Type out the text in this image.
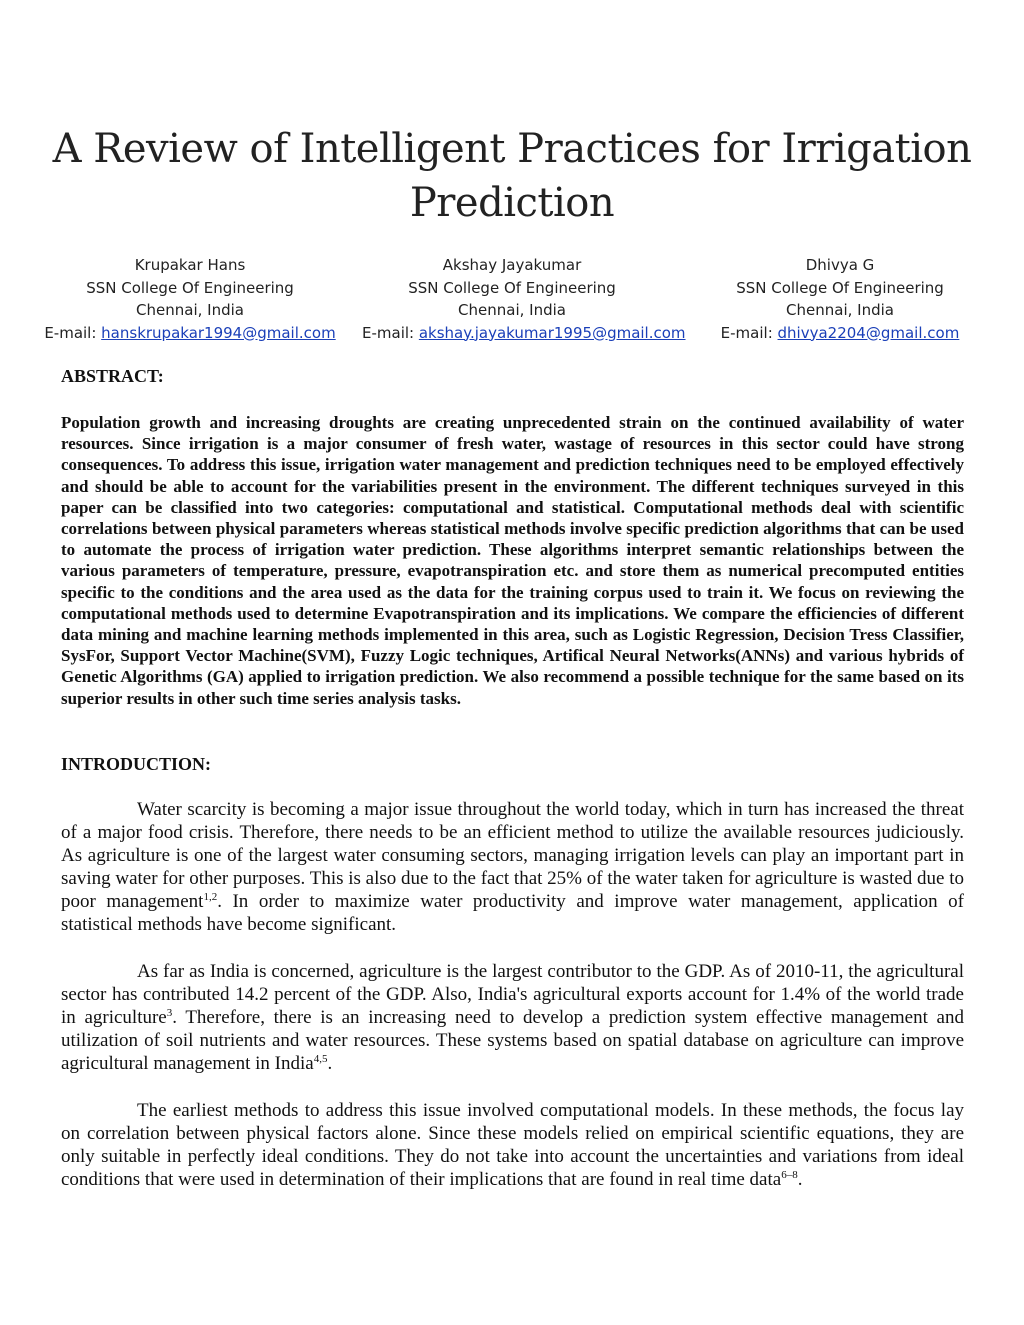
A Review of Intelligent Practices for Irrigation Prediction
Krupakar Hans
SSN College Of Engineering
Chennai, India
E-mail: hanskrupakar1994@gmail.com
Akshay Jayakumar
SSN College Of Engineering
Chennai, India
E-mail: akshay.jayakumar1995@gmail.com
Dhivya G
SSN College Of Engineering
Chennai, India
E-mail: dhivya2204@gmail.com
ABSTRACT:

Population growth and increasing droughts are creating unprecedented strain on the continued availability of water resources. Since irrigation is a major consumer of fresh water, wastage of resources in this sector could have strong consequences. To address this issue, irrigation water management and prediction techniques need to be employed effectively and should be able to account for the variabilities present in the environment. The different techniques surveyed in this paper can be classified into two categories: computational and statistical. Computational methods deal with scientific correlations between physical parameters whereas statistical methods involve specific prediction algorithms that can be used to automate the process of irrigation water prediction. These algorithms interpret semantic relationships between the various parameters of temperature, pressure, evapotranspiration etc. and store them as numerical precomputed entities specific to the conditions and the area used as the data for the training corpus used to train it. We focus on reviewing the computational methods used to determine Evapotranspiration and its implications. We compare the efficiencies of different data mining and machine learning methods implemented in this area, such as Logistic Regression, Decision Tress Classifier, SysFor, Support Vector Machine(SVM), Fuzzy Logic techniques, Artifical Neural Networks(ANNs) and various hybrids of Genetic Algorithms (GA) applied to irrigation prediction. We also recommend a possible technique for the same based on its superior results in other such time series analysis tasks.

INTRODUCTION:

Water scarcity is becoming a major issue throughout the world today, which in turn has increased the threat of a major food crisis. Therefore, there needs to be an efficient method to utilize the available resources judiciously. As agriculture is one of the largest water consuming sectors, managing irrigation levels can play an important part in saving water for other purposes. This is also due to the fact that 25% of the water taken for agriculture is wasted due to poor management$^{1,2}$. In order to maximize water productivity and improve water management, application of statistical methods have become significant.

As far as India is concerned, agriculture is the largest contributor to the GDP. As of 2010-11, the agricultural sector has contributed 14.2 percent of the GDP. Also, India's agricultural exports account for 1.4% of the world trade in agriculture$^3$. Therefore, there is an increasing need to develop a prediction system effective management and utilization of soil nutrients and water resources. These systems based on spatial database on agriculture can improve agricultural management in India$^{4,5}$.

The earliest methods to address this issue involved computational models. In these methods, the focus lay on correlation between physical factors alone. Since these models relied on empirical scientific equations, they are only suitable in perfectly ideal conditions. They do not take into account the uncertainties and variations from ideal conditions that were used in determination of their implications that are found in real time data$^{6-8}$.
